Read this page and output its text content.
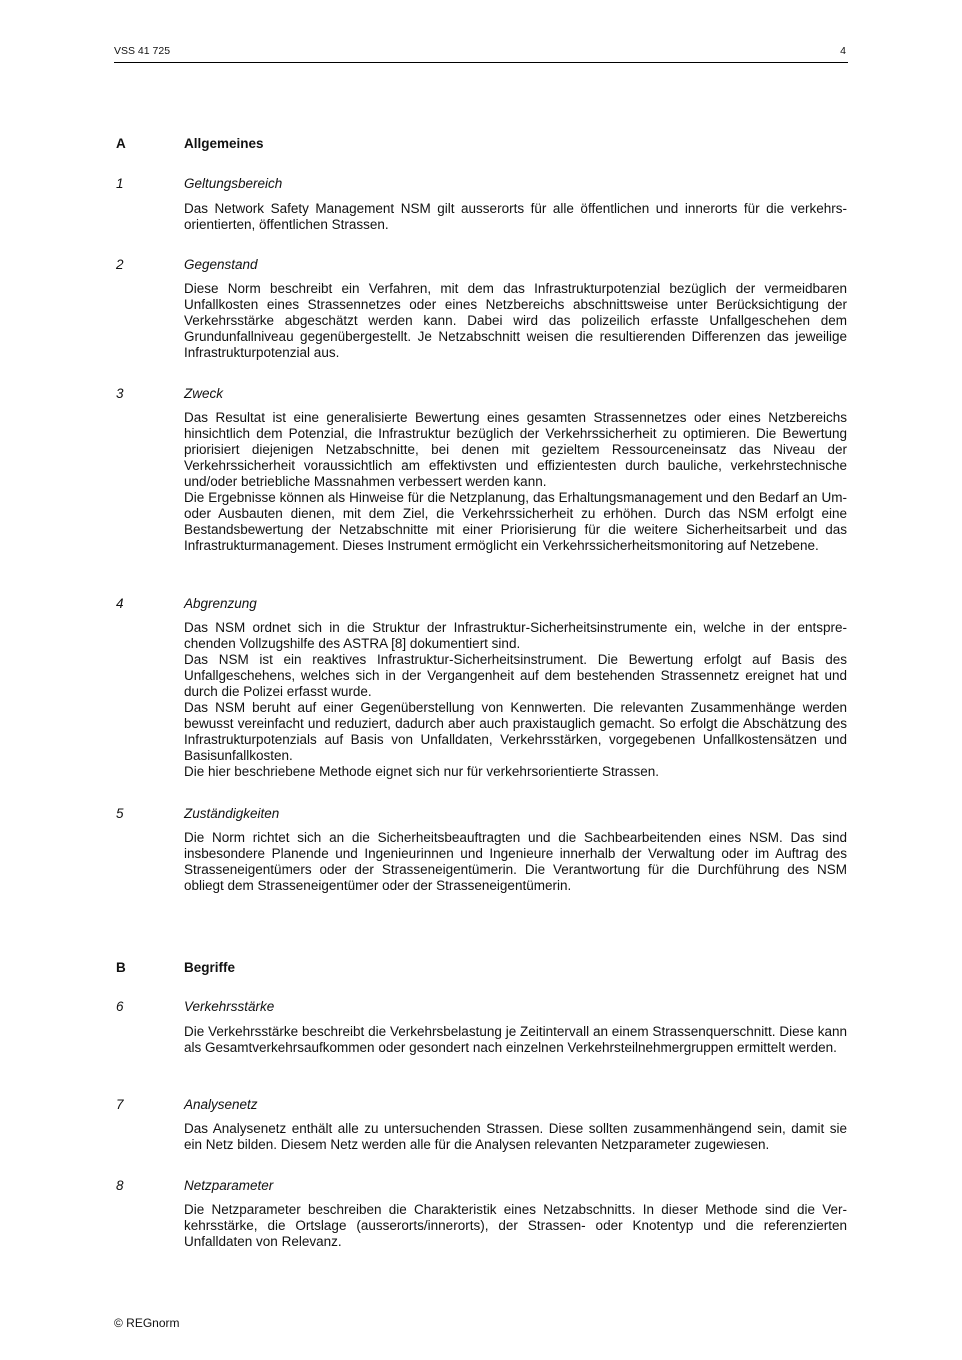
VSS 41 725	4
A	Allgemeines
1	Geltungsbereich

Das Network Safety Management NSM gilt ausserorts für alle öffentlichen und innerorts für die verkehrsorientierten, öffentlichen Strassen.

2	Gegenstand

Diese Norm beschreibt ein Verfahren, mit dem das Infrastrukturpotenzial bezüglich der vermeidbaren Unfallkosten eines Strassennetzes oder eines Netzbereichs abschnittsweise unter Berücksichtigung der Verkehrsstärke abgeschätzt werden kann. Dabei wird das polizeilich erfasste Unfallgeschehen dem Grundunfallniveau gegenübergestellt. Je Netzabschnitt weisen die resultierenden Differenzen das jeweilige Infrastrukturpotenzial aus.

3	Zweck

Das Resultat ist eine generalisierte Bewertung eines gesamten Strassennetzes oder eines Netzbereichs hinsichtlich dem Potenzial, die Infrastruktur bezüglich der Verkehrssicherheit zu optimieren. Die Bewertung priorisiert diejenigen Netzabschnitte, bei denen mit gezieltem Ressourceneinsatz das Niveau der Verkehrssicherheit voraussichtlich am effektivsten und effizientesten durch bauliche, verkehrstechnische und/oder betriebliche Massnahmen verbessert werden kann.

Die Ergebnisse können als Hinweise für die Netzplanung, das Erhaltungsmanagement und den Bedarf an Um- oder Ausbauten dienen, mit dem Ziel, die Verkehrssicherheit zu erhöhen. Durch das NSM erfolgt eine Bestandsbewertung der Netzabschnitte mit einer Priorisierung für die weitere Sicherheitsarbeit und das Infrastrukturmanagement. Dieses Instrument ermöglicht ein Verkehrssicherheitsmonitoring auf Netzebene.

4	Abgrenzung

Das NSM ordnet sich in die Struktur der Infrastruktur-Sicherheitsinstrumente ein, welche in der entsprechenden Vollzugshilfe des ASTRA [8] dokumentiert sind.

Das NSM ist ein reaktives Infrastruktur-Sicherheitsinstrument. Die Bewertung erfolgt auf Basis des Unfallgeschehens, welches sich in der Vergangenheit auf dem bestehenden Strassennetz ereignet hat und durch die Polizei erfasst wurde.

Das NSM beruht auf einer Gegenüberstellung von Kennwerten. Die relevanten Zusammenhänge werden bewusst vereinfacht und reduziert, dadurch aber auch praxistauglich gemacht. So erfolgt die Abschätzung des Infrastrukturpotenzials auf Basis von Unfalldaten, Verkehrsstärken, vorgegebenen Unfallkostensätzen und Basisunfallkosten.

Die hier beschriebene Methode eignet sich nur für verkehrsorientierte Strassen.

5	Zuständigkeiten

Die Norm richtet sich an die Sicherheitsbeauftragten und die Sachbearbeitenden eines NSM. Das sind insbesondere Planende und Ingenieurinnen und Ingenieure innerhalb der Verwaltung oder im Auftrag des Strasseneigentümers oder der Strasseneigentümerin. Die Verantwortung für die Durchführung des NSM obliegt dem Strasseneigentümer oder der Strasseneigentümerin.

B	Begriffe
6	Verkehrsstärke

Die Verkehrsstärke beschreibt die Verkehrsbelastung je Zeitintervall an einem Strassenquerschnitt. Diese kann als Gesamtverkehrsaufkommen oder gesondert nach einzelnen Verkehrsteilnehmergruppen ermittelt werden.

7	Analysenetz

Das Analysenetz enthält alle zu untersuchenden Strassen. Diese sollten zusammenhängend sein, damit sie ein Netz bilden. Diesem Netz werden alle für die Analysen relevanten Netzparameter zugewiesen.

8	Netzparameter

Die Netzparameter beschreiben die Charakteristik eines Netzabschnitts. In dieser Methode sind die Verkehrsstärke, die Ortslage (ausserorts/innerorts), der Strassen- oder Knotentyp und die referenzierten Unfalldaten von Relevanz.

© REGnorm
